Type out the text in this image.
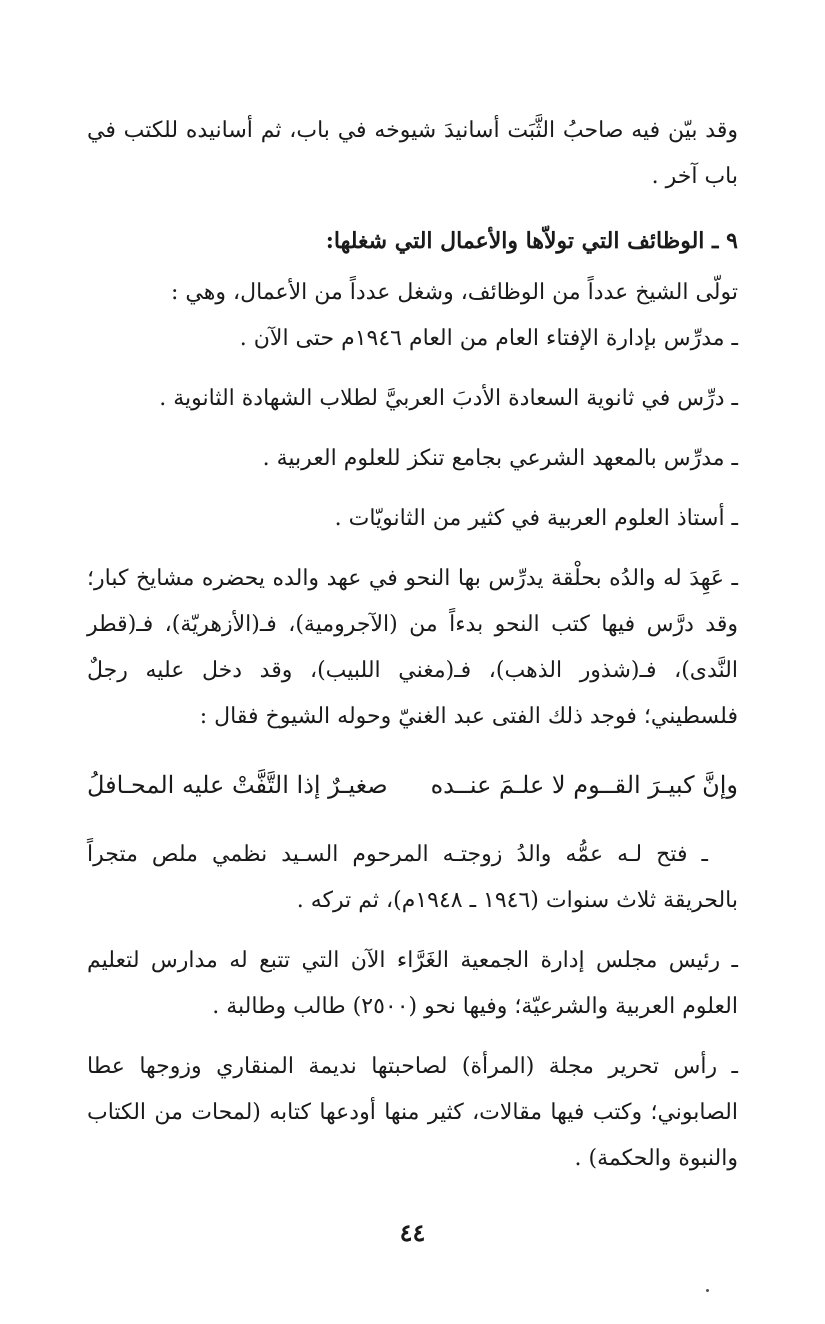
وقد بيّن فيه صاحبُ الثَّبَت أسانيدَ شيوخه في باب، ثم أسانيده للكتب في باب آخر .

٩ ـ الوظائف التي تولاّها والأعمال التي شغلها:

تولّى الشيخ عدداً من الوظائف، وشغل عدداً من الأعمال، وهي :

ـ مدرِّس بإدارة الإفتاء العام من العام ١٩٤٦م حتى الآن .

ـ درِّس في ثانوية السعادة الأدبَ العربيَّ لطلاب الشهادة الثانوية .

ـ مدرِّس بالمعهد الشرعي بجامع تنكز للعلوم العربية .

ـ أستاذ العلوم العربية في كثير من الثانويّات .

ـ عَهِدَ له والدُه بحلْقة يدرِّس بها النحو في عهد والده يحضره مشايخ كبار؛ وقد درَّس فيها كتب النحو بدءاً من (الآجرومية)، فـ(الأزهريّة)، فـ(قطر النَّدى)، فـ(شذور الذهب)، فـ(مغني اللبيب)، وقد دخل عليه رجلٌ فلسطيني؛ فوجد ذلك الفتى عبد الغنيّ وحوله الشيوخ فقال :

وإنَّ كبيـرَ القــوم لا علـمَ عنــده
صغيـرٌ إذا التَّفَّتْ عليه المحـافلُ

ـ فتح لـه عمُّه والدُ زوجتـه المرحوم السـيد نظمي ملص متجراً بالحريقة ثلاث سنوات (١٩٤٦ ـ ١٩٤٨م)، ثم تركه .

ـ رئيس مجلس إدارة الجمعية الغَرَّاء الآن التي تتبع له مدارس لتعليم العلوم العربية والشرعيّة؛ وفيها نحو (٢٥٠٠) طالب وطالبة .

ـ رأس تحرير مجلة (المرأة) لصاحبتها نديمة المنقاري وزوجها عطا الصابوني؛ وكتب فيها مقالات، كثير منها أودعها كتابه (لمحات من الكتاب والنبوة والحكمة) .

٤٤
